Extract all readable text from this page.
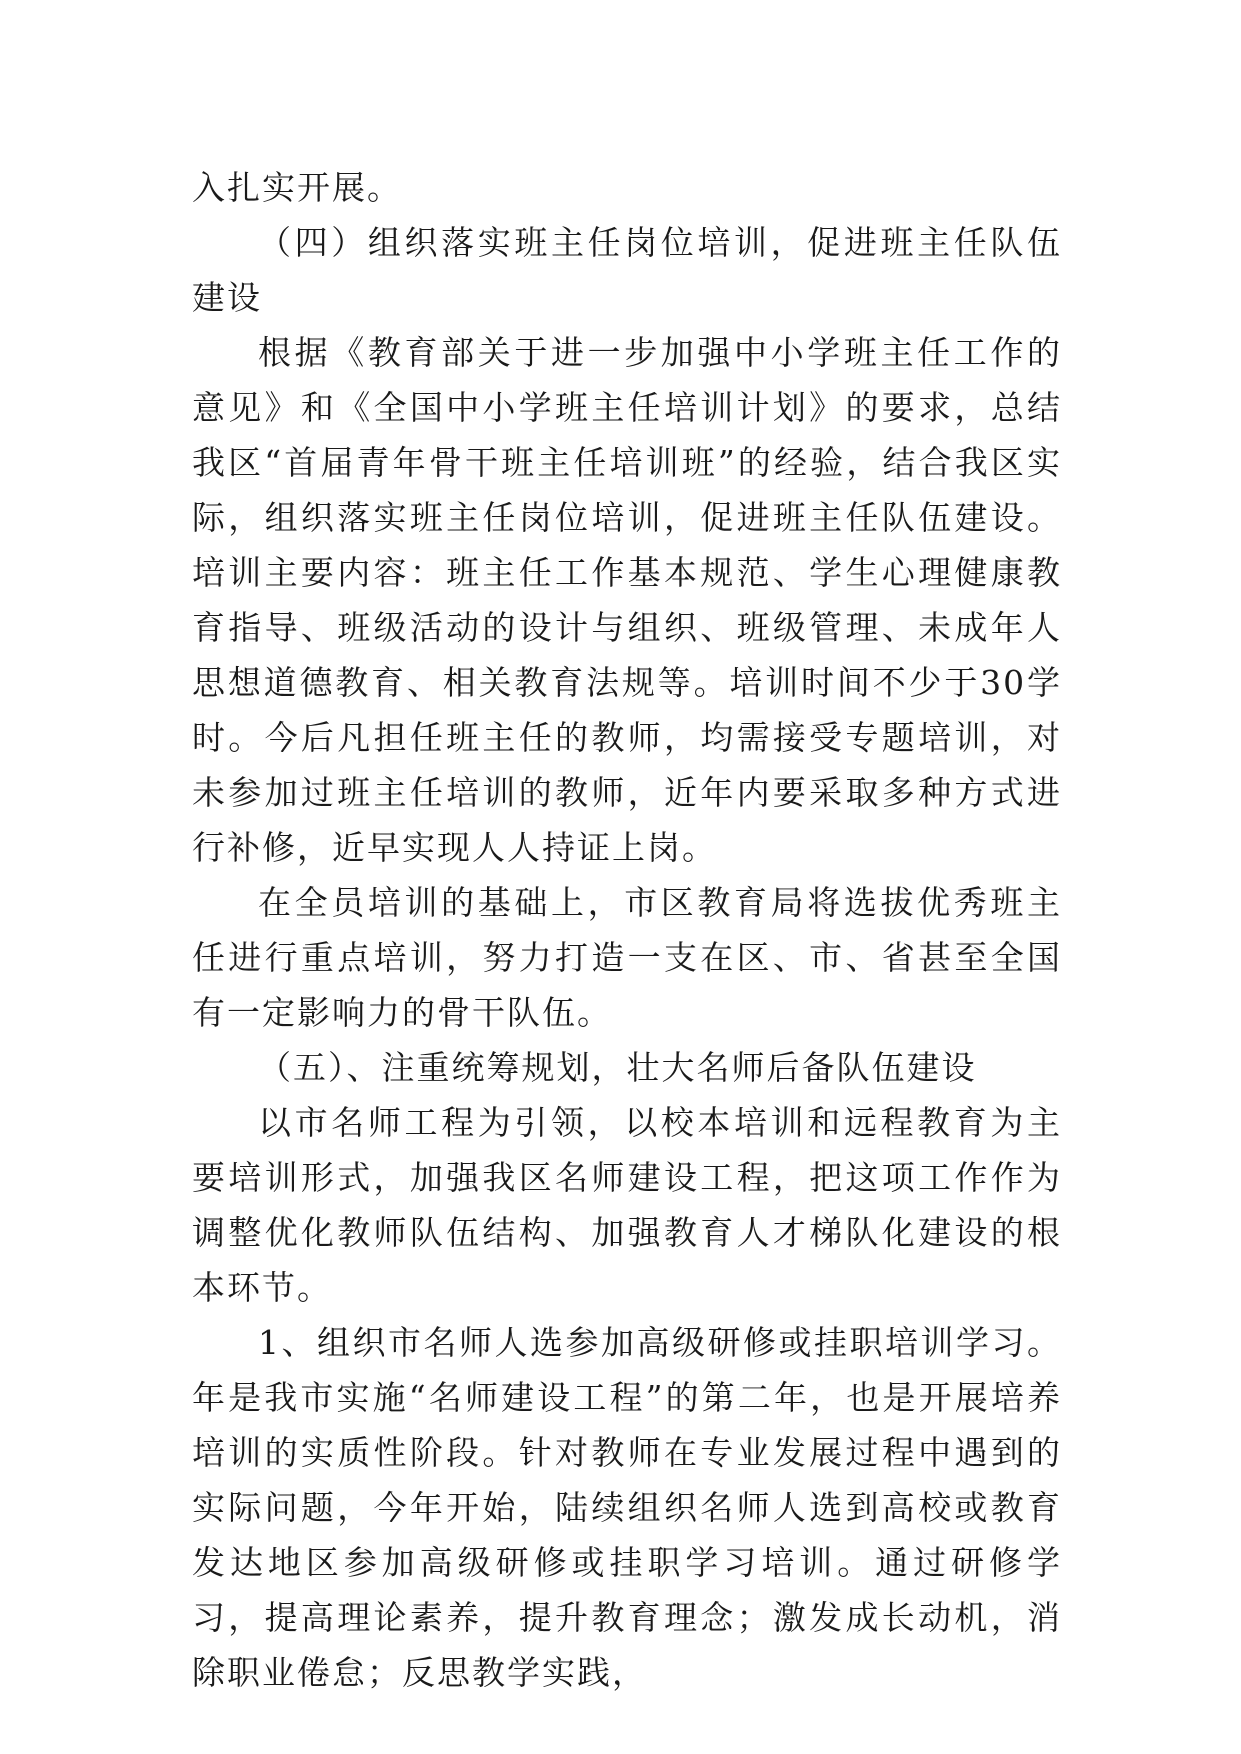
入扎实开展。

（四）组织落实班主任岗位培训，促进班主任队伍建设

根据《教育部关于进一步加强中小学班主任工作的意见》和《全国中小学班主任培训计划》的要求，总结我区“首届青年骨干班主任培训班”的经验，结合我区实际，组织落实班主任岗位培训，促进班主任队伍建设。培训主要内容：班主任工作基本规范、学生心理健康教育指导、班级活动的设计与组织、班级管理、未成年人思想道德教育、相关教育法规等。培训时间不少于30学时。今后凡担任班主任的教师，均需接受专题培训，对未参加过班主任培训的教师，近年内要采取多种方式进行补修，近早实现人人持证上岗。

在全员培训的基础上，市区教育局将选拔优秀班主任进行重点培训，努力打造一支在区、市、省甚至全国有一定影响力的骨干队伍。

（五）、注重统筹规划，壮大名师后备队伍建设

以市名师工程为引领，以校本培训和远程教育为主要培训形式，加强我区名师建设工程，把这项工作作为调整优化教师队伍结构、加强教育人才梯队化建设的根本环节。

1、组织市名师人选参加高级研修或挂职培训学习。年是我市实施“名师建设工程”的第二年，也是开展培养培训的实质性阶段。针对教师在专业发展过程中遇到的实际问题，今年开始，陆续组织名师人选到高校或教育发达地区参加高级研修或挂职学习培训。通过研修学习，提高理论素养，提升教育理念；激发成长动机，消除职业倦怠；反思教学实践，
